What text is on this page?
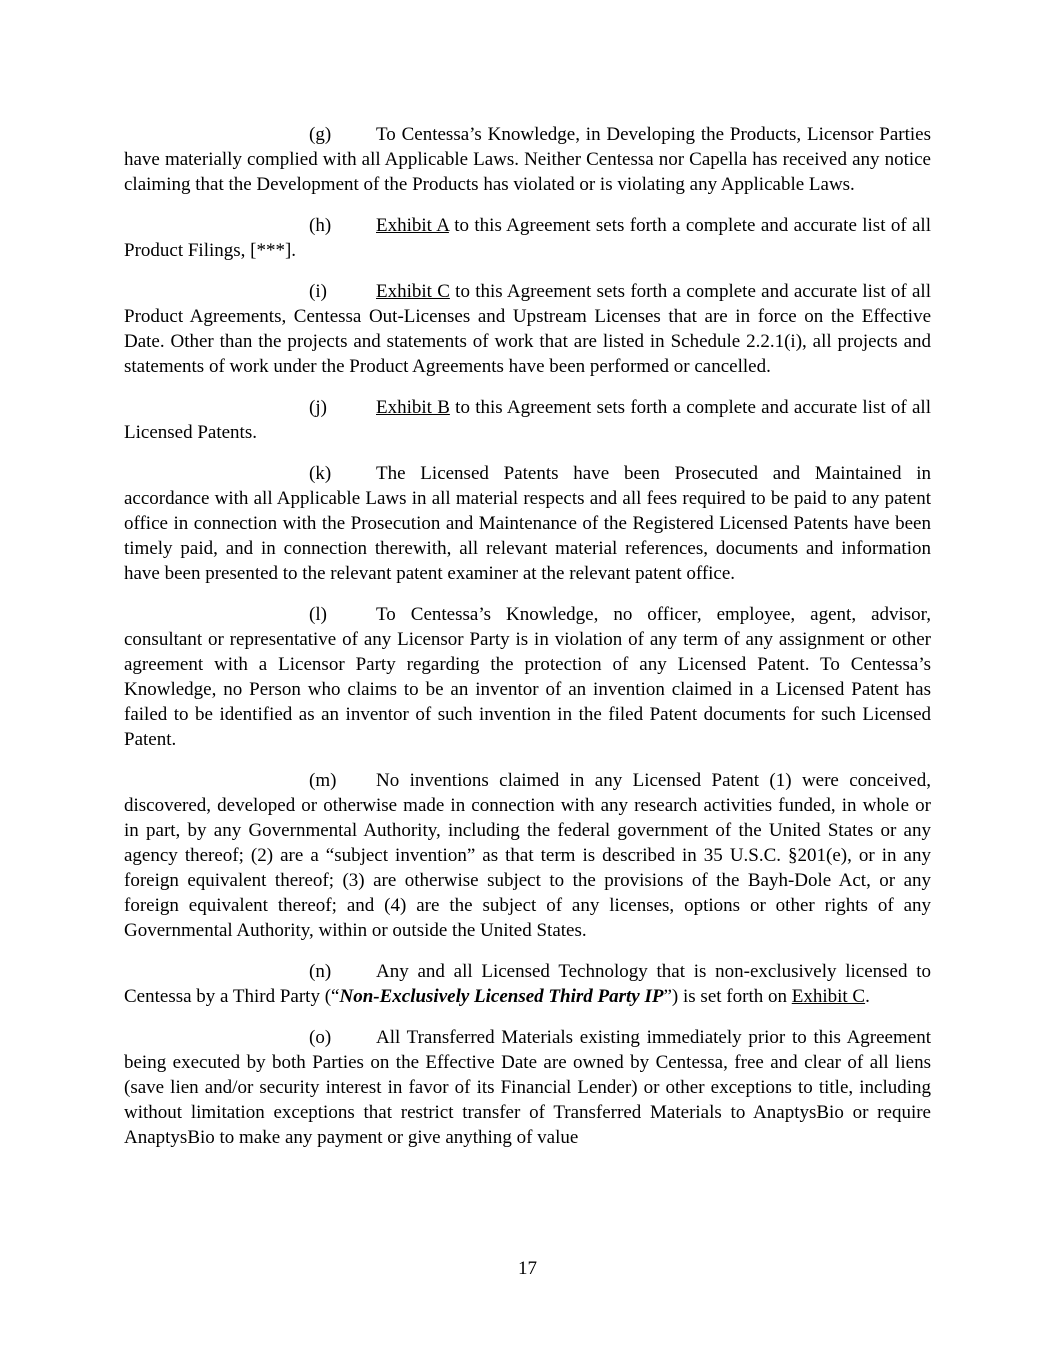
(g) To Centessa’s Knowledge, in Developing the Products, Licensor Parties have materially complied with all Applicable Laws. Neither Centessa nor Capella has received any notice claiming that the Development of the Products has violated or is violating any Applicable Laws.

(h) Exhibit A to this Agreement sets forth a complete and accurate list of all Product Filings, [***].

(i)	Exhibit C to this Agreement sets forth a complete and accurate list of all Product Agreements, Centessa Out-Licenses and Upstream Licenses that are in force on the Effective Date. Other than the projects and statements of work that are listed in Schedule 2.2.1(i), all projects and statements of work under the Product Agreements have been performed or cancelled.

(j)	Exhibit B to this Agreement sets forth a complete and accurate list of all Licensed Patents.

(k) The Licensed Patents have been Prosecuted and Maintained in accordance with all Applicable Laws in all material respects and all fees required to be paid to any patent office in connection with the Prosecution and Maintenance of the Registered Licensed Patents have been timely paid, and in connection therewith, all relevant material references, documents and information have been presented to the relevant patent examiner at the relevant patent office.

(l)	To Centessa’s Knowledge, no officer, employee, agent, advisor, consultant or representative of any Licensor Party is in violation of any term of any assignment or other agreement with a Licensor Party regarding the protection of any Licensed Patent. To Centessa’s Knowledge, no Person who claims to be an inventor of an invention claimed in a Licensed Patent has failed to be identified as an inventor of such invention in the filed Patent documents for such Licensed Patent.

(m) No inventions claimed in any Licensed Patent (1) were conceived, discovered, developed or otherwise made in connection with any research activities funded, in whole or in part, by any Governmental Authority, including the federal government of the United States or any agency thereof; (2) are a “subject invention” as that term is described in 35 U.S.C. §201(e), or in any foreign equivalent thereof; (3) are otherwise subject to the provisions of the Bayh-Dole Act, or any foreign equivalent thereof; and (4) are the subject of any licenses, options or other rights of any Governmental Authority, within or outside the United States.

(n) Any and all Licensed Technology that is non-exclusively licensed to Centessa by a Third Party (“Non-Exclusively Licensed Third Party IP”) is set forth on Exhibit C.

(o) All Transferred Materials existing immediately prior to this Agreement being executed by both Parties on the Effective Date are owned by Centessa, free and clear of all liens (save lien and/or security interest in favor of its Financial Lender) or other exceptions to title, including without limitation exceptions that restrict transfer of Transferred Materials to AnaptysBio or require AnaptysBio to make any payment or give anything of value

17
